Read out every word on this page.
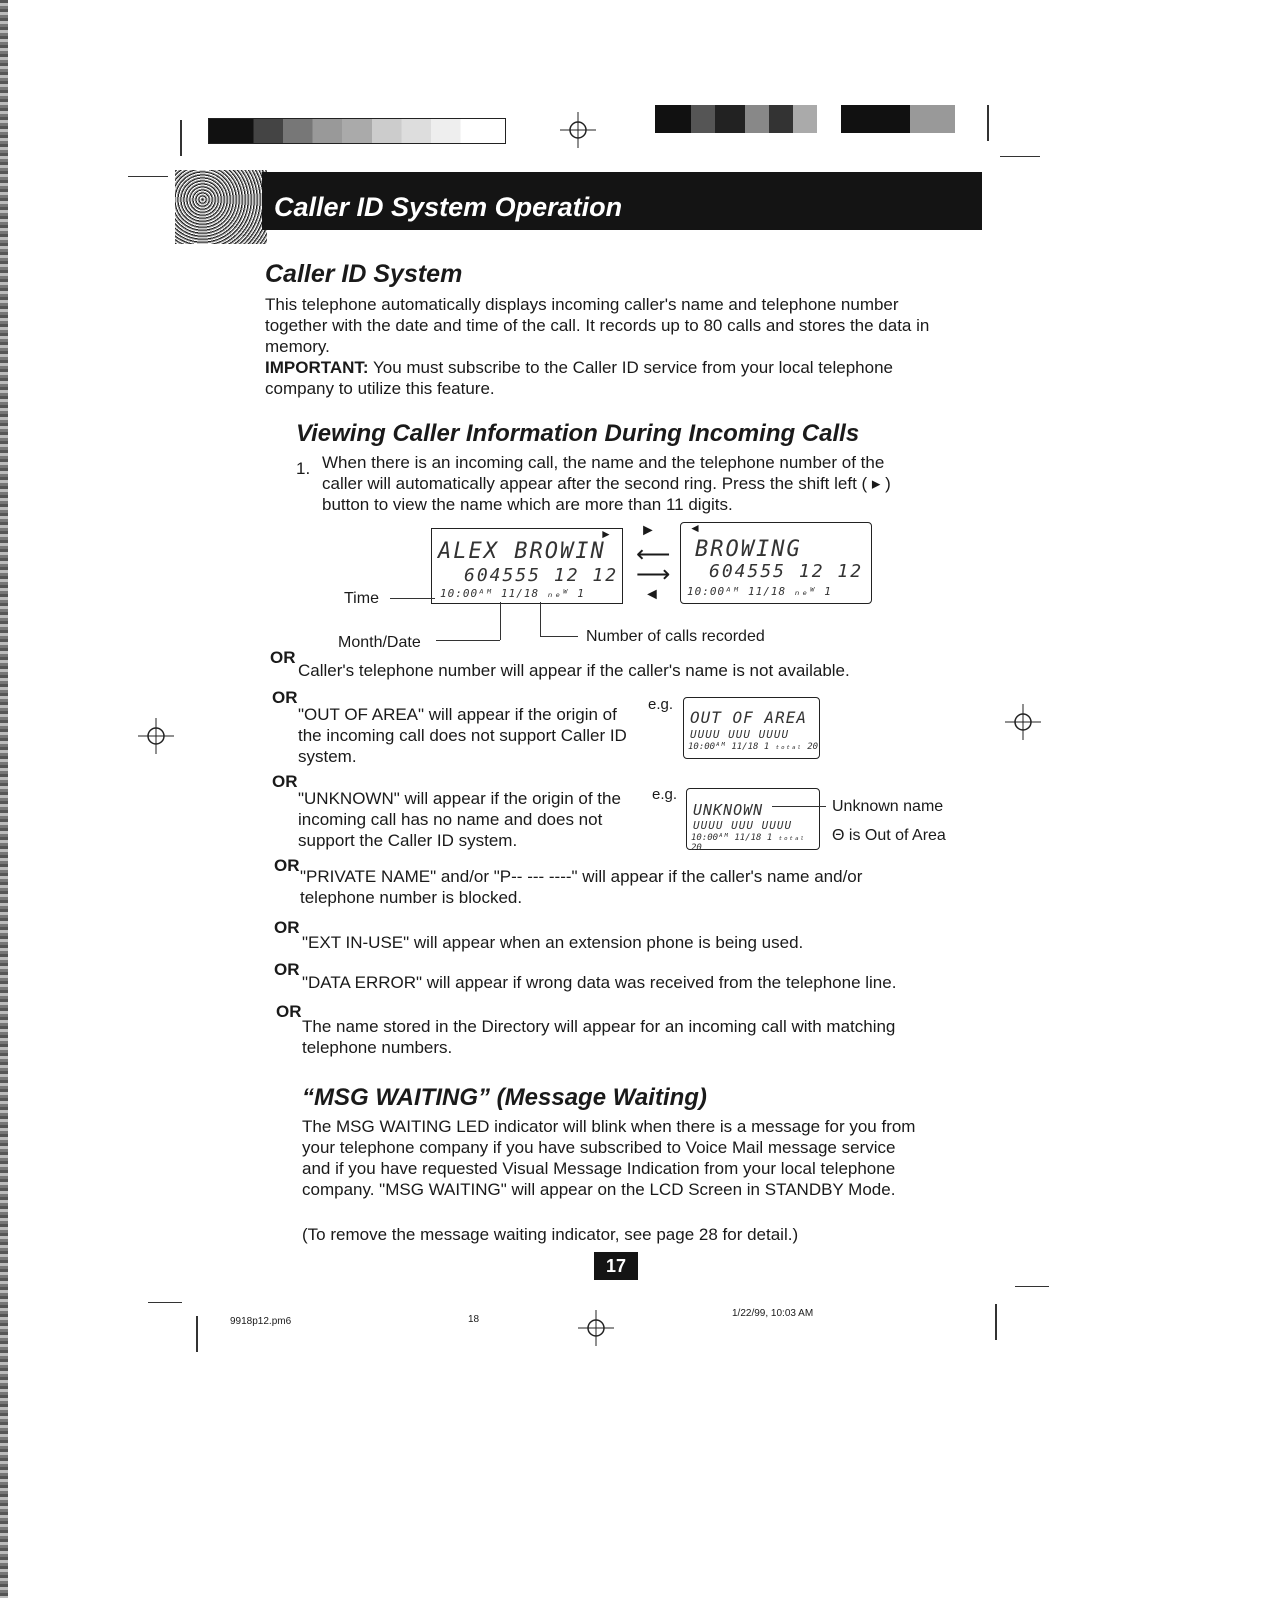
Caller ID System Operation
Caller ID System
This telephone automatically displays incoming caller's name and telephone number together with the date and time of the call. It records up to 80 calls and stores the data in memory.
IMPORTANT: You must subscribe to the Caller ID service from your local telephone company to utilize this feature.
Viewing Caller Information During Incoming Calls
1. When there is an incoming call, the name and the telephone number of the caller will automatically appear after the second ring. Press the shift left ( ▸ ) button to view the name which are more than 11 digits.
►
ALEX BROWIN
604555 12 12
10:00ᴬᴹ 11/18 ₙₑᵂ 1
►
⟵
⟶
◄
◄
BROWING
604555 12 12
10:00ᴬᴹ 11/18 ₙₑᵂ 1
Time
Month/Date	Number of calls recorded
OR
Caller's telephone number will appear if the caller's name is not available.
OR
"OUT OF AREA" will appear if the origin of the incoming call does not support Caller ID system.
e.g.
OUT OF AREA
UUUU UUU UUUU
10:00ᴬᴹ 11/18 1 ₜₒₜₐₗ 20
OR
"UNKNOWN" will appear if the origin of the incoming call has no name and does not support the Caller ID system.
e.g.
UNKNOWN
UUUU UUU UUUU
10:00ᴬᴹ 11/18 1 ₜₒₜₐₗ 20
Unknown name
Θ is Out of Area
OR
"PRIVATE NAME" and/or "P-- --- ----" will appear if the caller's name and/or telephone number is blocked.
OR
"EXT IN-USE" will appear when an extension phone is being used.
OR
"DATA ERROR" will appear if wrong data was received from the telephone line.
OR
The name stored in the Directory will appear for an incoming call with matching telephone numbers.
“MSG WAITING” (Message Waiting)
The MSG WAITING LED indicator will blink when there is a message for you from your telephone company if you have subscribed to Voice Mail message service and if you have requested Visual Message Indication from your local telephone company. "MSG WAITING" will appear on the LCD Screen in STANDBY Mode.
(To remove the message waiting indicator, see page 28 for detail.)
17
9918p12.pm6	18
1/22/99, 10:03 AM
